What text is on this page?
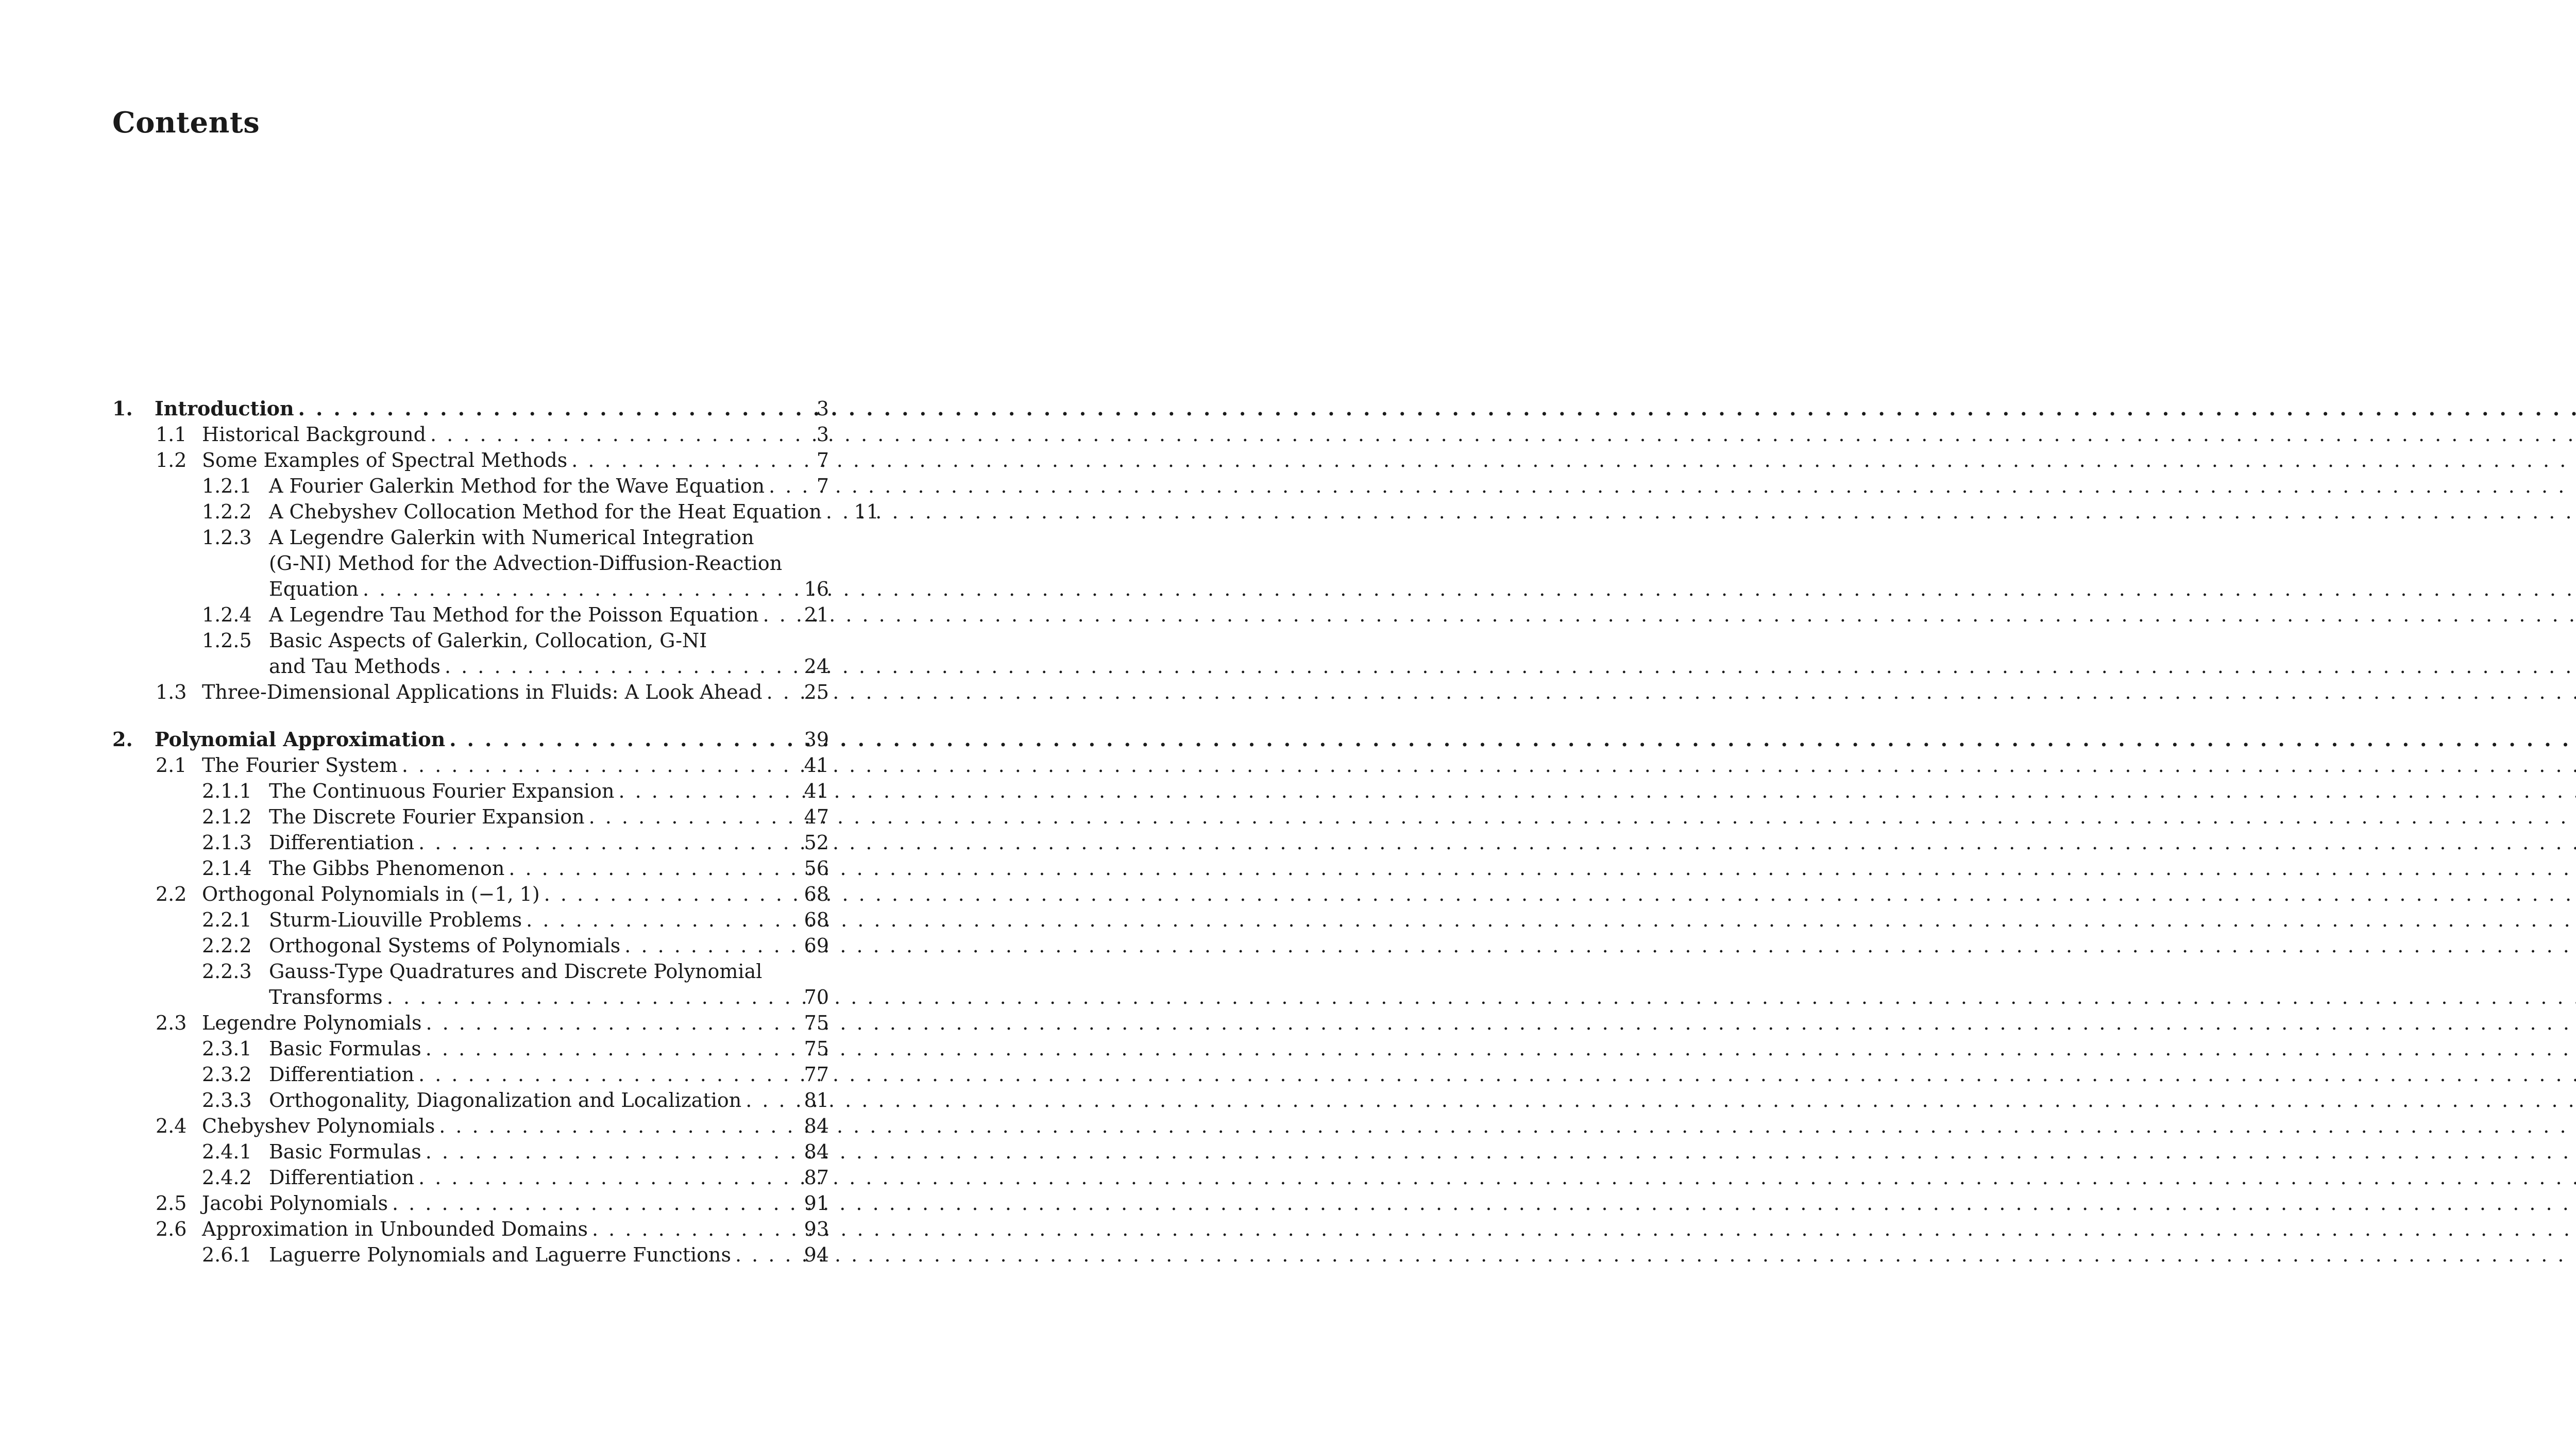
Contents
1. Introduction . . .	3
1.1 Historical Background . . .	3
1.2 Some Examples of Spectral Methods . . .	7
1.2.1 A Fourier Galerkin Method for the Wave Equation . . .	7
1.2.2 A Chebyshev Collocation Method for the Heat Equation . . .	11
1.2.3 A Legendre Galerkin with Numerical Integration
(G-NI) Method for the Advection-Diffusion-Reaction
Equation . . .	16
1.2.4 A Legendre Tau Method for the Poisson Equation . . .	21
1.2.5 Basic Aspects of Galerkin, Collocation, G-NI
and Tau Methods . . .	24
1.3 Three-Dimensional Applications in Fluids: A Look Ahead . . .	25
2. Polynomial Approximation . . .	39
2.1 The Fourier System . . .	41
2.1.1 The Continuous Fourier Expansion . . .	41
2.1.2 The Discrete Fourier Expansion . . .	47
2.1.3 Differentiation . . .	52
2.1.4 The Gibbs Phenomenon . . .	56
2.2 Orthogonal Polynomials in (−1, 1) . . .	68
2.2.1 Sturm-Liouville Problems . . .	68
2.2.2 Orthogonal Systems of Polynomials . . .	69
2.2.3 Gauss-Type Quadratures and Discrete Polynomial
Transforms . . .	70
2.3 Legendre Polynomials . . .	75
2.3.1 Basic Formulas . . .	75
2.3.2 Differentiation . . .	77
2.3.3 Orthogonality, Diagonalization and Localization . . .	81
2.4 Chebyshev Polynomials . . .	84
2.4.1 Basic Formulas . . .	84
2.4.2 Differentiation . . .	87
2.5 Jacobi Polynomials . . .	91
2.6 Approximation in Unbounded Domains . . .	93
2.6.1 Laguerre Polynomials and Laguerre Functions . . .	94
